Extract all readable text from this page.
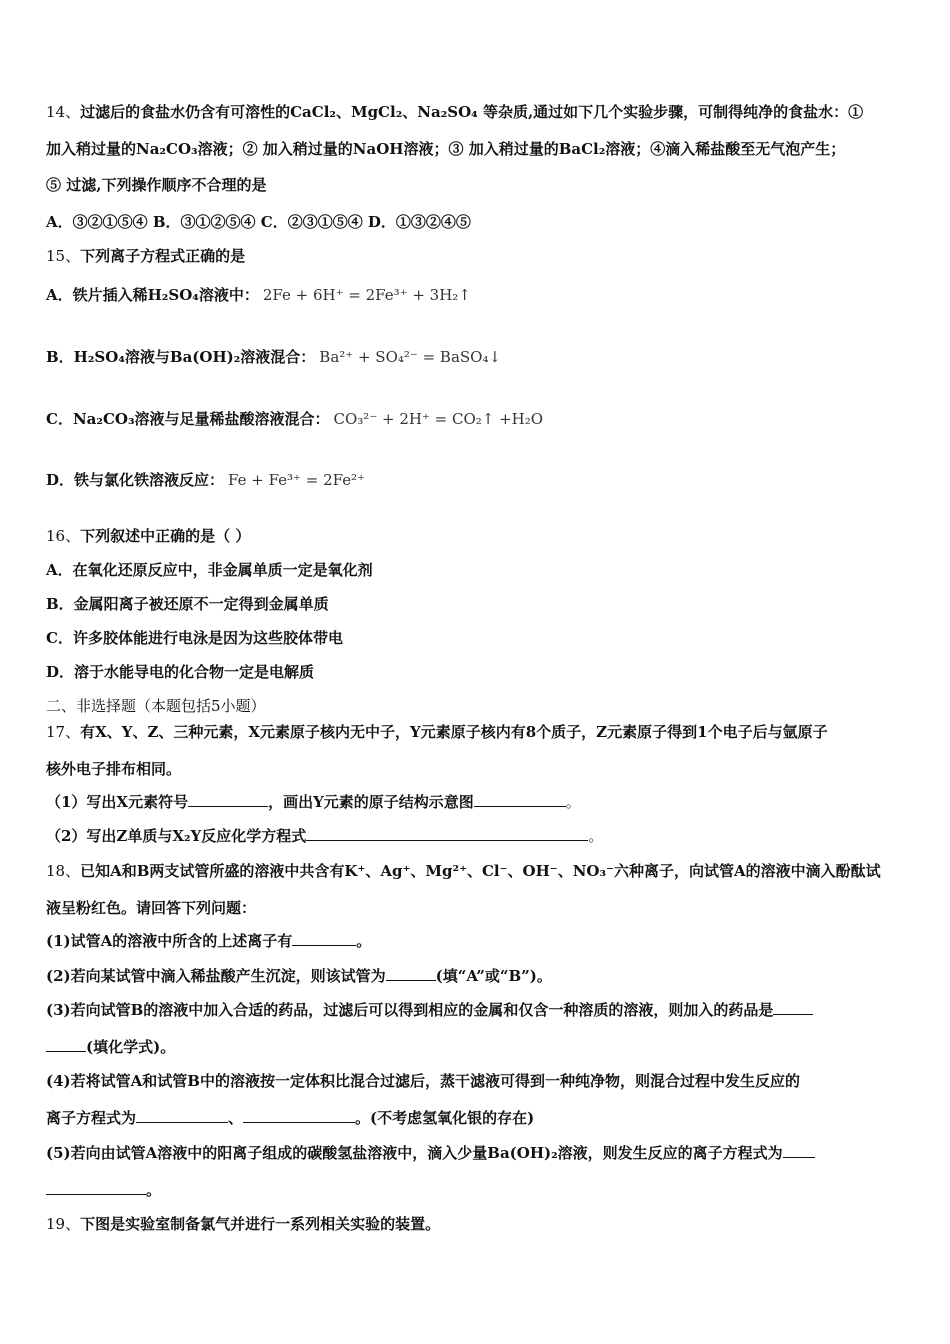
14、过滤后的食盐水仍含有可溶性的CaCl₂、MgCl₂、Na₂SO₄ 等杂质,通过如下几个实验步骤，可制得纯净的食盐水：①
加入稍过量的Na₂CO₃溶液；② 加入稍过量的NaOH溶液；③ 加入稍过量的BaCl₂溶液；④滴入稀盐酸至无气泡产生；
⑤ 过滤,下列操作顺序不合理的是
A．③②①⑤④ B．③①②⑤④ C．②③①⑤④ D．①③②④⑤
15、下列离子方程式正确的是
A．铁片插入稀H₂SO₄溶液中： 2Fe + 6H⁺ = 2Fe³⁺ + 3H₂↑
B．H₂SO₄溶液与Ba(OH)₂溶液混合： Ba²⁺ + SO₄²⁻ = BaSO₄↓
C．Na₂CO₃溶液与足量稀盐酸溶液混合： CO₃²⁻ + 2H⁺ = CO₂↑ +H₂O
D．铁与氯化铁溶液反应： Fe + Fe³⁺ = 2Fe²⁺
16、下列叙述中正确的是（ ）
A．在氧化还原反应中，非金属单质一定是氧化剂
B．金属阳离子被还原不一定得到金属单质
C．许多胶体能进行电泳是因为这些胶体带电
D．溶于水能导电的化合物一定是电解质
二、非选择题（本题包括5小题）
17、有X、Y、Z、三种元素，X元素原子核内无中子，Y元素原子核内有8个质子，Z元素原子得到1个电子后与氩原子
核外电子排布相同。
（1）写出X元素符号	，画出Y元素的原子结构示意图	。
（2）写出Z单质与X₂Y反应化学方程式	。
18、已知A和B两支试管所盛的溶液中共含有K⁺、Ag⁺、Mg²⁺、Cl⁻、OH⁻、NO₃⁻六种离子，向试管A的溶液中滴入酚酞试
液呈粉红色。请回答下列问题：
(1)试管A的溶液中所含的上述离子有	。
(2)若向某试管中滴入稀盐酸产生沉淀，则该试管为	(填“A”或“B”)。
(3)若向试管B的溶液中加入合适的药品，过滤后可以得到相应的金属和仅含一种溶质的溶液，则加入的药品是
(填化学式)。
(4)若将试管A和试管B中的溶液按一定体积比混合过滤后，蒸干滤液可得到一种纯净物，则混合过程中发生反应的
离子方程式为	、	。(不考虑氢氧化银的存在)
(5)若向由试管A溶液中的阳离子组成的碳酸氢盐溶液中，滴入少量Ba(OH)₂溶液，则发生反应的离子方程式为
。
19、下图是实验室制备氯气并进行一系列相关实验的装置。
